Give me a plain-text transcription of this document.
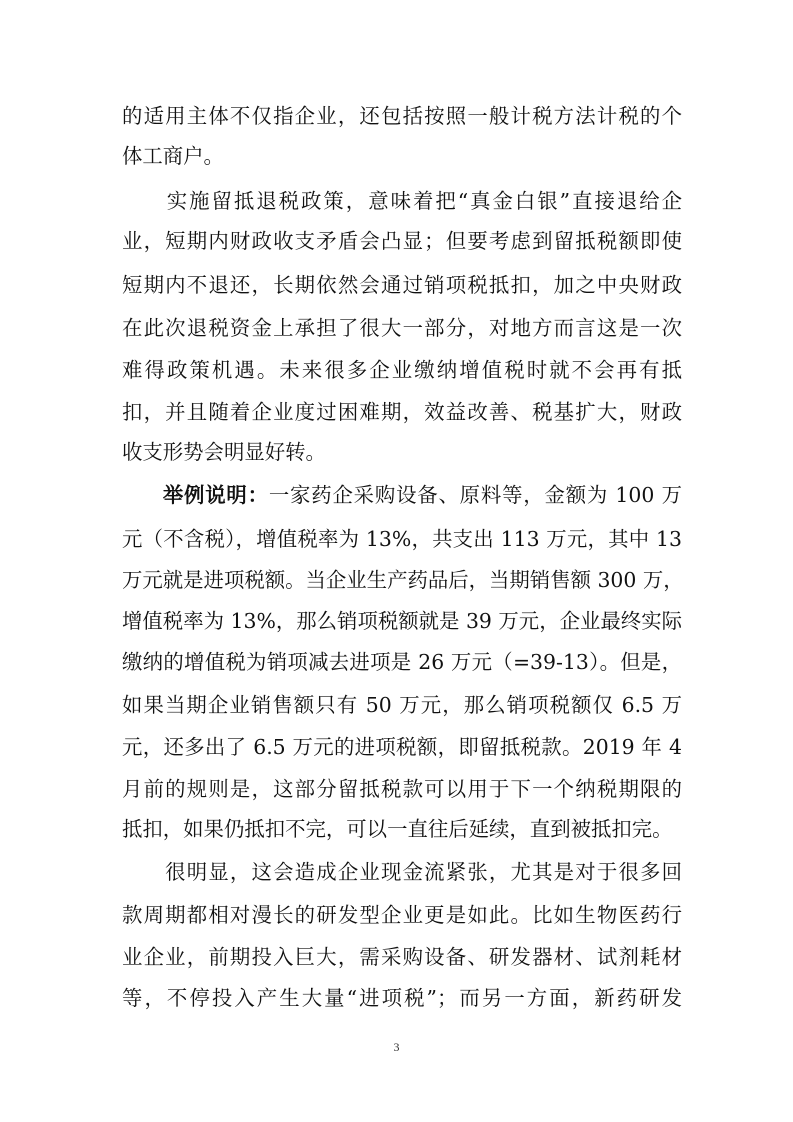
的适用主体不仅指企业，还包括按照一般计税方法计税的个
体工商户。
　　实施留抵退税政策，意味着把“真金白银”直接退给企
业，短期内财政收支矛盾会凸显；但要考虑到留抵税额即使
短期内不退还，长期依然会通过销项税抵扣，加之中央财政
在此次退税资金上承担了很大一部分，对地方而言这是一次
难得政策机遇。未来很多企业缴纳增值税时就不会再有抵
扣，并且随着企业度过困难期，效益改善、税基扩大，财政
收支形势会明显好转。
举例说明：一家药企采购设备、原料等，金额为 100 万
元（不含税），增值税率为 13%，共支出 113 万元，其中 13
万元就是进项税额。当企业生产药品后，当期销售额 300 万，
增值税率为 13%，那么销项税额就是 39 万元，企业最终实际
缴纳的增值税为销项减去进项是 26 万元（=39-13）。但是，
如果当期企业销售额只有 50 万元，那么销项税额仅 6.5 万
元，还多出了 6.5 万元的进项税额，即留抵税款。2019 年 4
月前的规则是，这部分留抵税款可以用于下一个纳税期限的
抵扣，如果仍抵扣不完，可以一直往后延续，直到被抵扣完。
　　很明显，这会造成企业现金流紧张，尤其是对于很多回
款周期都相对漫长的研发型企业更是如此。比如生物医药行
业企业，前期投入巨大，需采购设备、研发器材、试剂耗材
等，不停投入产生大量“进项税”；而另一方面，新药研发
3
